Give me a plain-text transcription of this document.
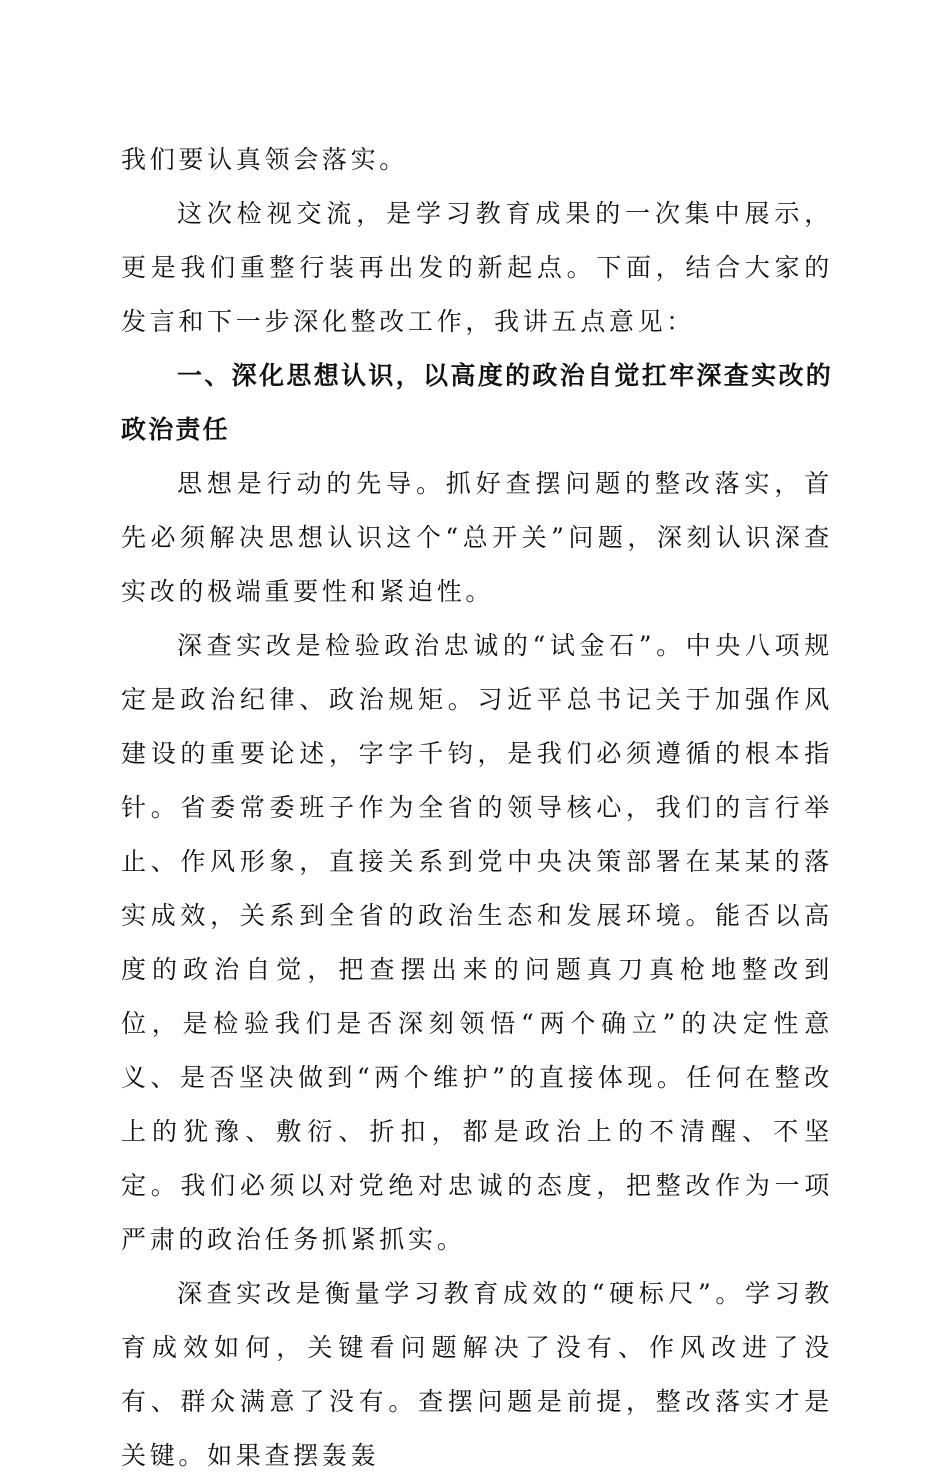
我们要认真领会落实。

这次检视交流，是学习教育成果的一次集中展示，更是我们重整行装再出发的新起点。下面，结合大家的发言和下一步深化整改工作，我讲五点意见：

一、深化思想认识，以高度的政治自觉扛牢深查实改的政治责任

思想是行动的先导。抓好查摆问题的整改落实，首先必须解决思想认识这个“总开关”问题，深刻认识深查实改的极端重要性和紧迫性。

深查实改是检验政治忠诚的“试金石”。中央八项规定是政治纪律、政治规矩。习近平总书记关于加强作风建设的重要论述，字字千钧，是我们必须遵循的根本指针。省委常委班子作为全省的领导核心，我们的言行举止、作风形象，直接关系到党中央决策部署在某某的落实成效，关系到全省的政治生态和发展环境。能否以高度的政治自觉，把查摆出来的问题真刀真枪地整改到位，是检验我们是否深刻领悟“两个确立”的决定性意义、是否坚决做到“两个维护”的直接体现。任何在整改上的犹豫、敷衍、折扣，都是政治上的不清醒、不坚定。我们必须以对党绝对忠诚的态度，把整改作为一项严肃的政治任务抓紧抓实。

深查实改是衡量学习教育成效的“硬标尺”。学习教育成效如何，关键看问题解决了没有、作风改进了没有、群众满意了没有。查摆问题是前提，整改落实才是关键。如果查摆轰轰
